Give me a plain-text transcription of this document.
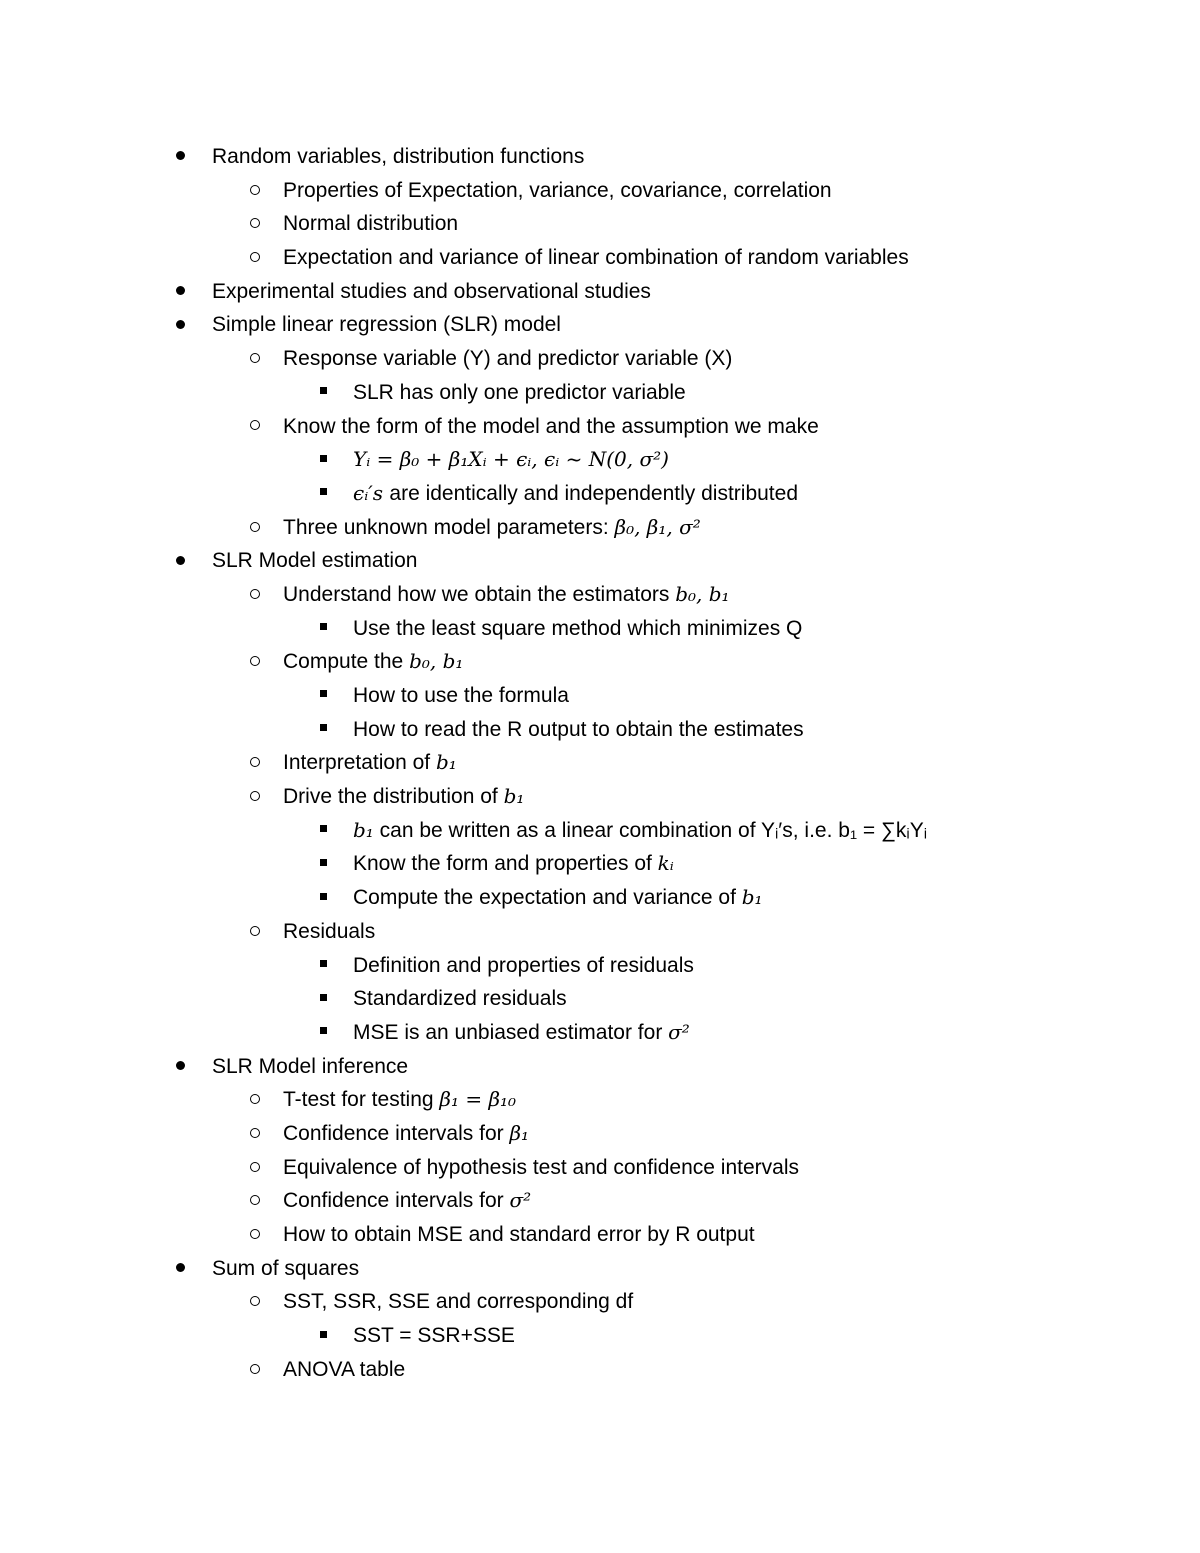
Random variables, distribution functions
Properties of Expectation, variance, covariance, correlation
Normal distribution
Expectation and variance of linear combination of random variables
Experimental studies and observational studies
Simple linear regression (SLR) model
Response variable (Y) and predictor variable (X)
SLR has only one predictor variable
Know the form of the model and the assumption we make
Yᵢ = β₀ + β₁Xᵢ + ϵᵢ, ϵᵢ ~ N(0, σ²)
ϵᵢ′s are identically and independently distributed
Three unknown model parameters: β₀, β₁, σ²
SLR Model estimation
Understand how we obtain the estimators b₀, b₁
Use the least square method which minimizes Q
Compute the b₀, b₁
How to use the formula
How to read the R output to obtain the estimates
Interpretation of b₁
Drive the distribution of b₁
b₁ can be written as a linear combination of Yᵢ′s, i.e. b₁ = ∑kᵢYᵢ
Know the form and properties of kᵢ
Compute the expectation and variance of b₁
Residuals
Definition and properties of residuals
Standardized residuals
MSE is an unbiased estimator for σ²
SLR Model inference
T-test for testing β₁ = β₁₀
Confidence intervals for β₁
Equivalence of hypothesis test and confidence intervals
Confidence intervals for σ²
How to obtain MSE and standard error by R output
Sum of squares
SST, SSR, SSE and corresponding df
SST = SSR+SSE
ANOVA table
